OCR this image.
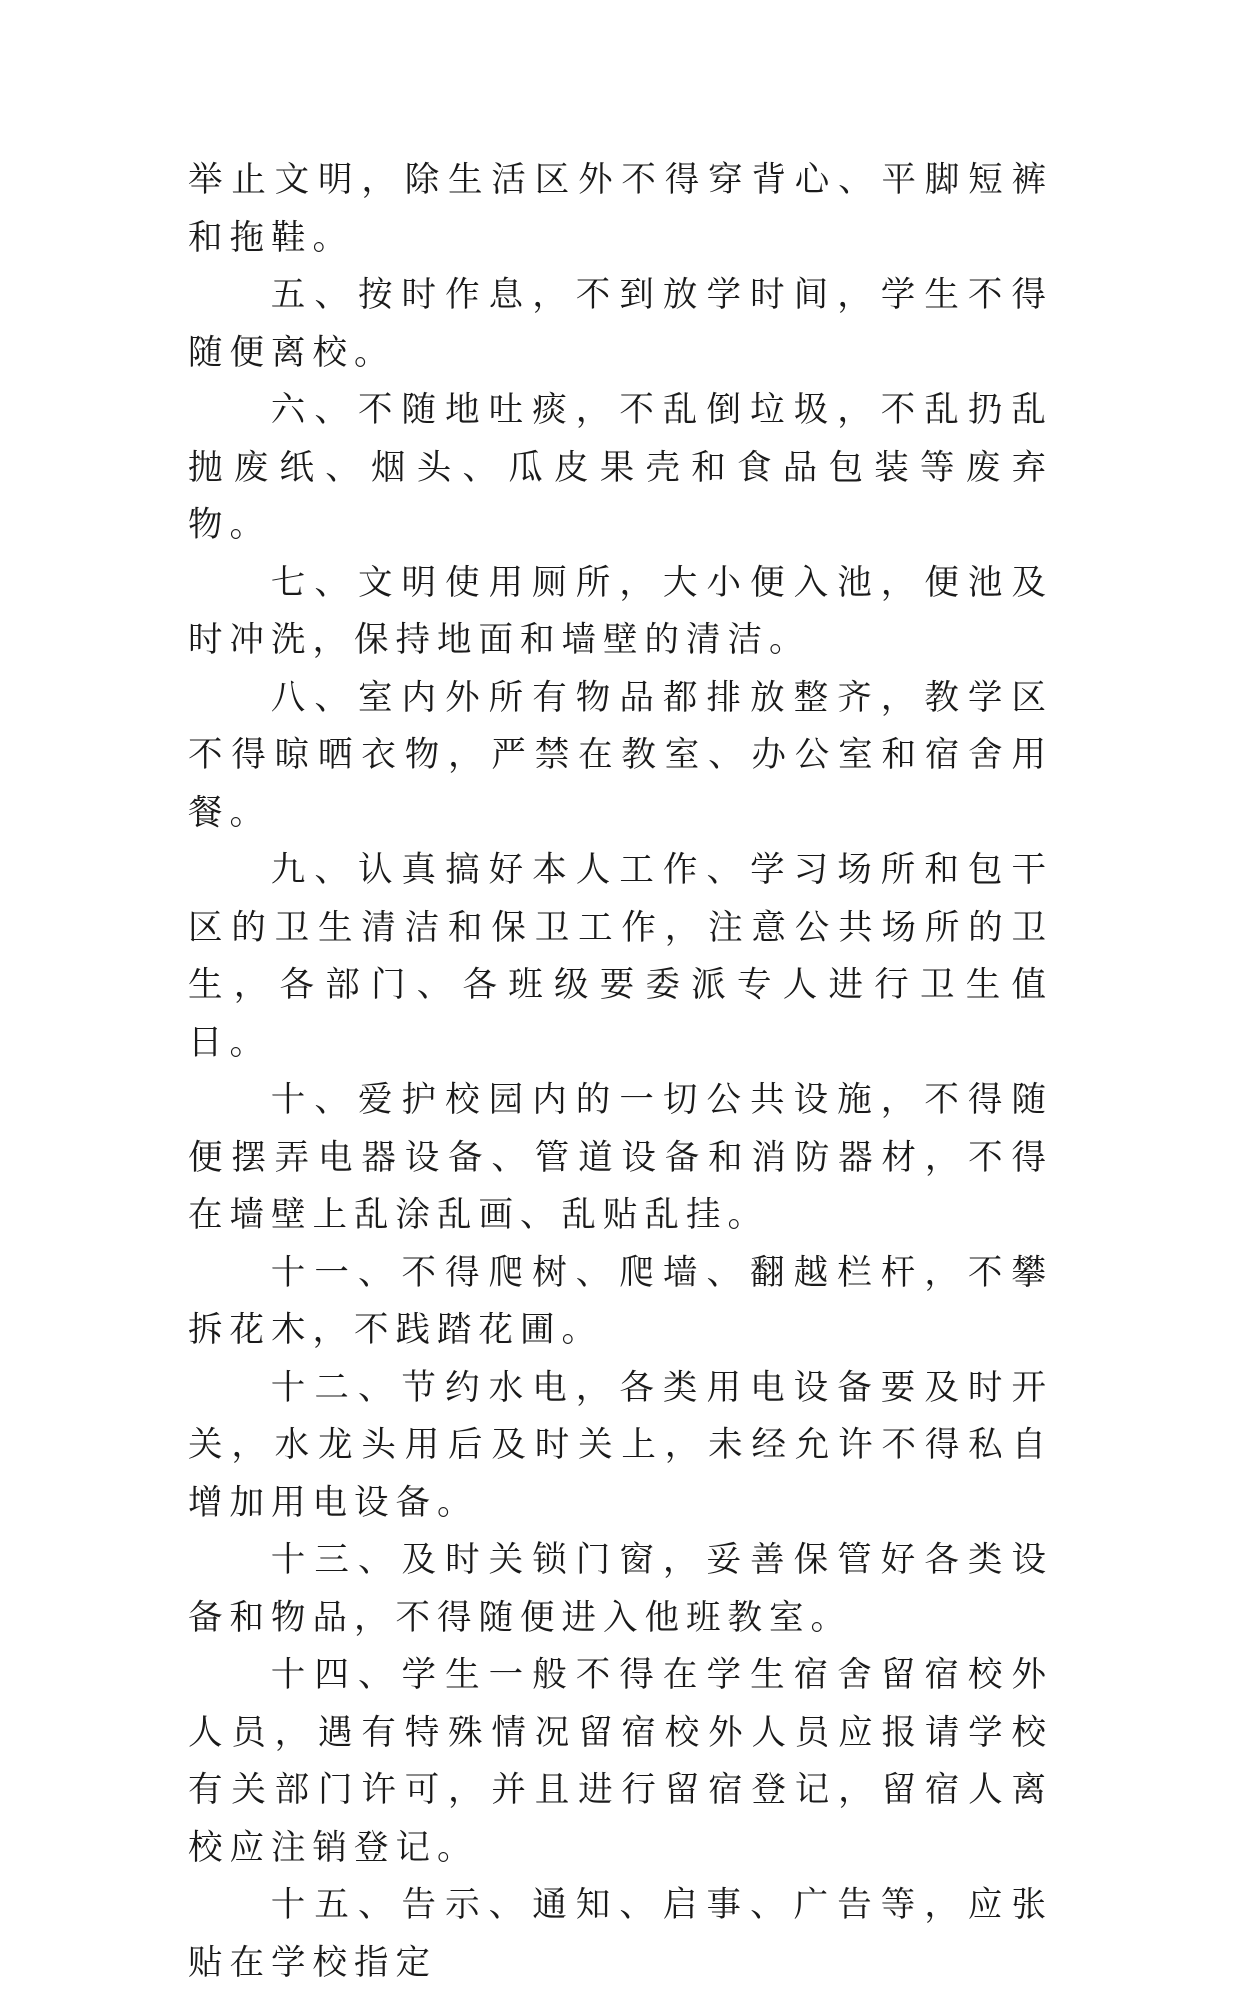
举止文明，除生活区外不得穿背心、平脚短裤和拖鞋。

五、按时作息，不到放学时间，学生不得随便离校。

六、不随地吐痰，不乱倒垃圾，不乱扔乱抛废纸、烟头、瓜皮果壳和食品包装等废弃物。

七、文明使用厕所，大小便入池，便池及时冲洗，保持地面和墙壁的清洁。

八、室内外所有物品都排放整齐，教学区不得晾晒衣物，严禁在教室、办公室和宿舍用餐。

九、认真搞好本人工作、学习场所和包干区的卫生清洁和保卫工作，注意公共场所的卫生，各部门、各班级要委派专人进行卫生值日。

十、爱护校园内的一切公共设施，不得随便摆弄电器设备、管道设备和消防器材，不得在墙壁上乱涂乱画、乱贴乱挂。

十一、不得爬树、爬墙、翻越栏杆，不攀拆花木，不践踏花圃。

十二、节约水电，各类用电设备要及时开关，水龙头用后及时关上，未经允许不得私自增加用电设备。

十三、及时关锁门窗，妥善保管好各类设备和物品，不得随便进入他班教室。

十四、学生一般不得在学生宿舍留宿校外人员，遇有特殊情况留宿校外人员应报请学校有关部门许可，并且进行留宿登记，留宿人离校应注销登记。

十五、告示、通知、启事、广告等，应张贴在学校指定
